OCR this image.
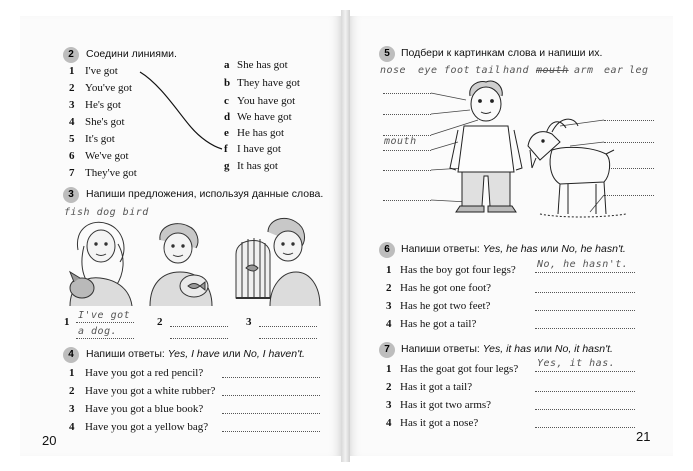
2	Соедини линиями.
1 I've got
2 You've got
3 He's got
4 She's got
5 It's got
6 We've got
7 They've got
a She has got
b They have got
c You have got
d We have got
e He has got
f I have got
g It has got
3	Напиши предложения, используя данные слова.
fish dog bird
1
I've got
a dog.
2	3
4	Напиши ответы: Yes, I have или No, I haven't.
1 Have you got a red pencil?
2 Have you got a white rubber?
3 Have you got a blue book?
4 Have you got a yellow bag?
20
5	Подбери к картинкам слова и напиши их.
nose eye foot tail hand mouth arm ear leg
mouth
6	Напиши ответы: Yes, he has или No, he hasn't.
1 Has the boy got four legs? No, he hasn't.
2 Has he got one foot?
3 Has he got two feet?
4 Has he got a tail?
7	Напиши ответы: Yes, it has или No, it hasn't.
1 Has the goat got four legs? Yes, it has.
2 Has it got a tail?
3 Has it got two arms?
4 Has it got a nose?
21
